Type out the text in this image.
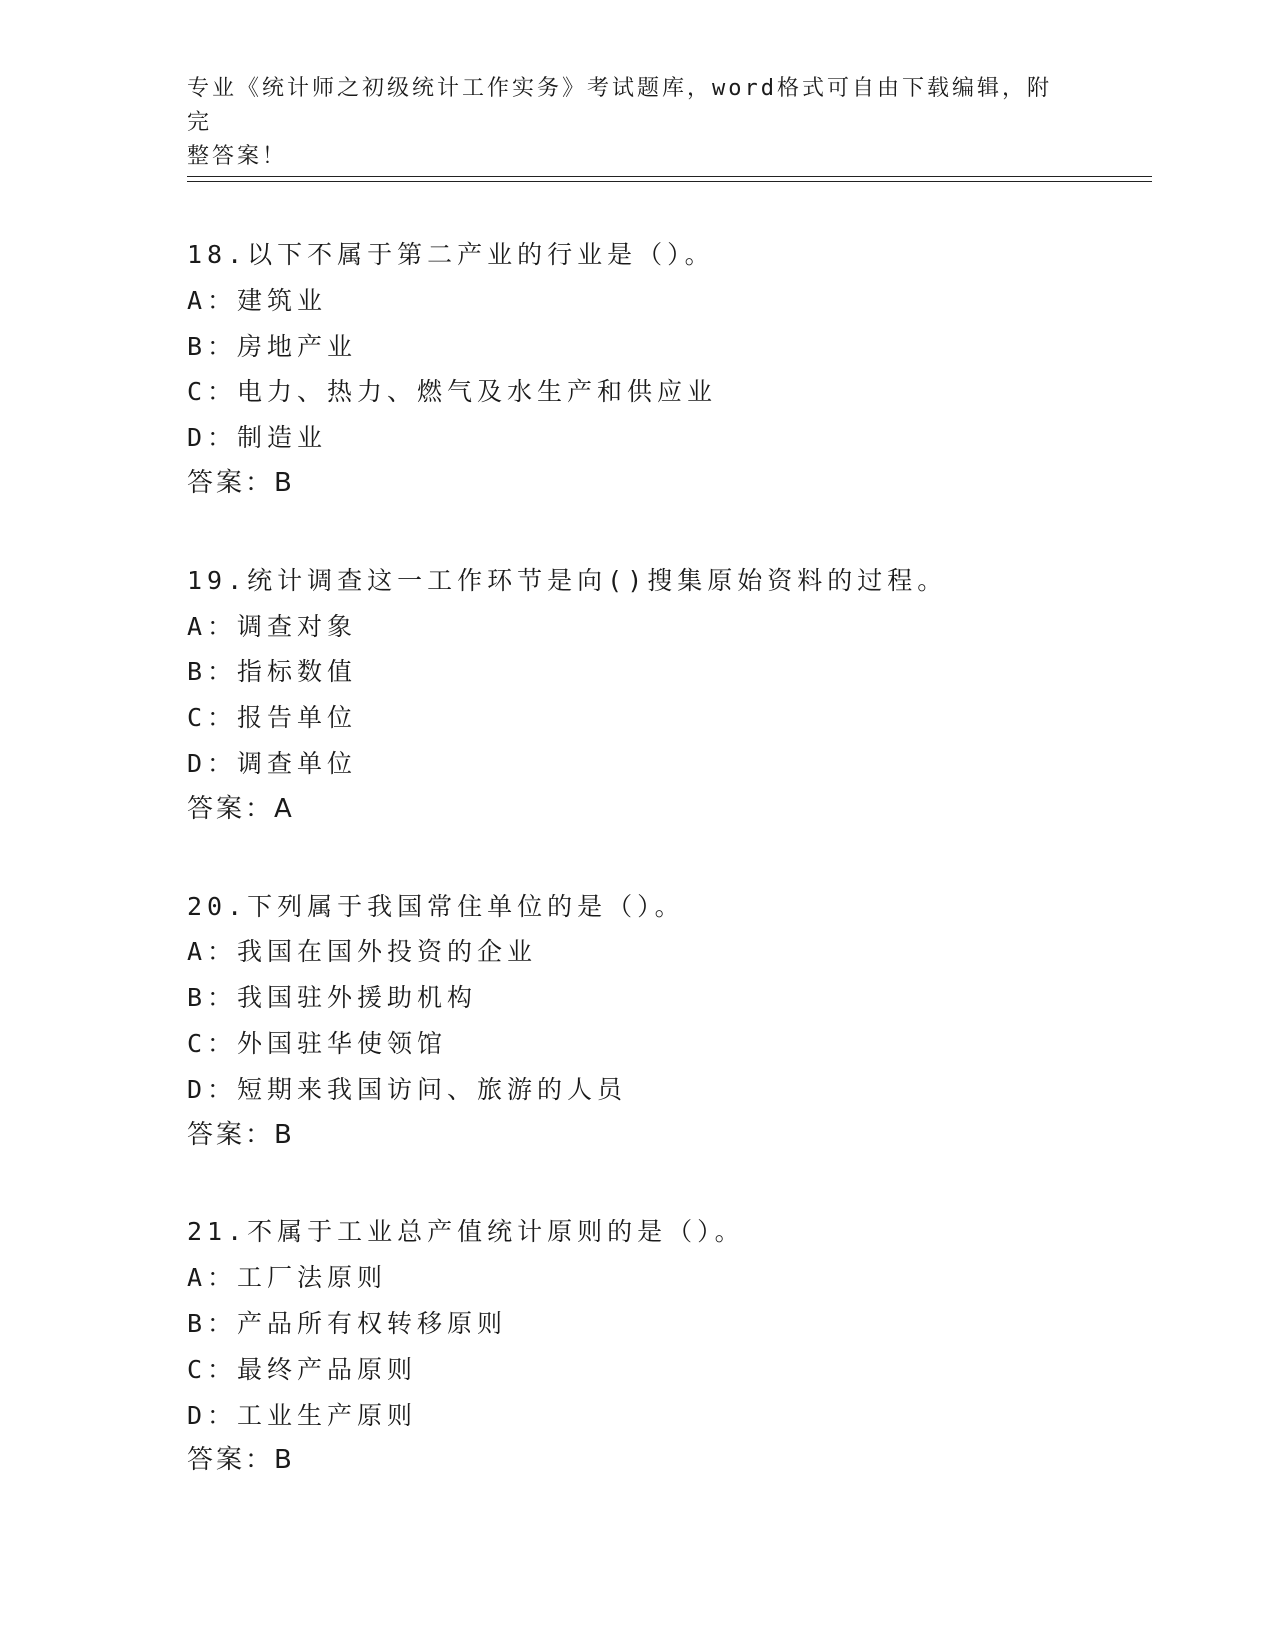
专业《统计师之初级统计工作实务》考试题库，word格式可自由下载编辑，附完
整答案！
18.以下不属于第二产业的行业是（）。
A：建筑业
B：房地产业
C：电力、热力、燃气及水生产和供应业
D：制造业
答案：B
19.统计调查这一工作环节是向()搜集原始资料的过程。
A：调查对象
B：指标数值
C：报告单位
D：调查单位
答案：A
20.下列属于我国常住单位的是（）。
A：我国在国外投资的企业
B：我国驻外援助机构
C：外国驻华使领馆
D：短期来我国访问、旅游的人员
答案：B
21.不属于工业总产值统计原则的是（）。
A：工厂法原则
B：产品所有权转移原则
C：最终产品原则
D：工业生产原则
答案：B
